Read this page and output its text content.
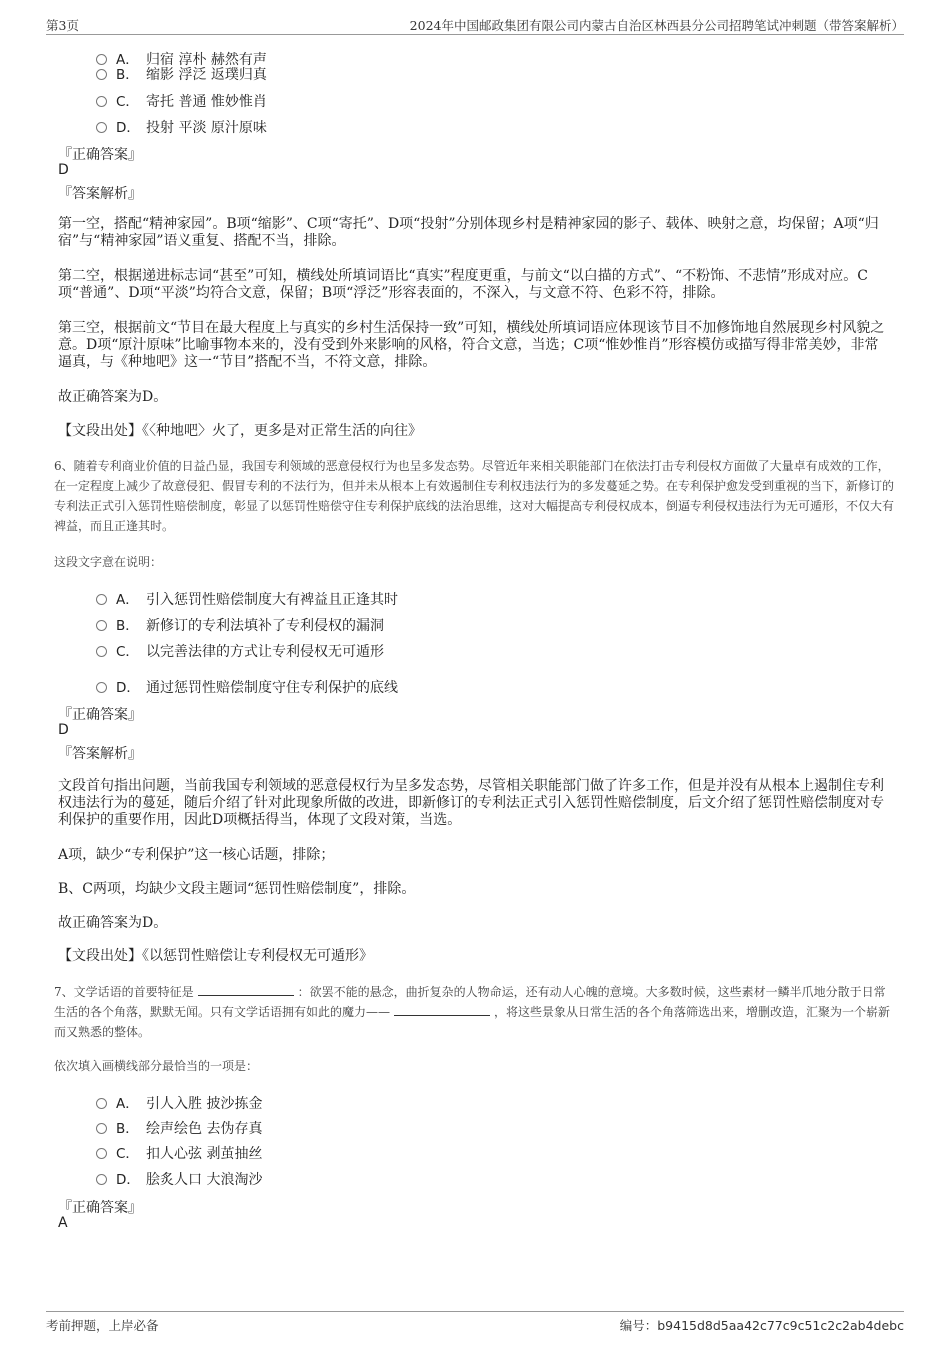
第3页	2024年中国邮政集团有限公司内蒙古自治区林西县分公司招聘笔试冲刺题（带答案解析）
A． 归宿 淳朴 赫然有声
B． 缩影 浮泛 返璞归真
C． 寄托 普通 惟妙惟肖
D． 投射 平淡 原汁原味
『正确答案』
D
『答案解析』
第一空，搭配“精神家园”。B项“缩影”、C项“寄托”、D项“投射”分别体现乡村是精神家园的影子、载体、映射之意，均保留；A项“归宿”与“精神家园”语义重复、搭配不当，排除。
第二空，根据递进标志词“甚至”可知，横线处所填词语比“真实”程度更重，与前文“以白描的方式”、“不粉饰、不悲情”形成对应。C项“普通”、D项“平淡”均符合文意，保留；B项“浮泛”形容表面的，不深入，与文意不符、色彩不符，排除。
第三空，根据前文“节目在最大程度上与真实的乡村生活保持一致”可知，横线处所填词语应体现该节目不加修饰地自然展现乡村风貌之意。D项“原汁原味”比喻事物本来的，没有受到外来影响的风格，符合文意，当选；C项“惟妙惟肖”形容模仿或描写得非常美妙，非常逼真，与《种地吧》这一“节目”搭配不当，不符文意，排除。
故正确答案为D。
【文段出处】《〈种地吧〉火了，更多是对正常生活的向往》
6、随着专利商业价值的日益凸显，我国专利领域的恶意侵权行为也呈多发态势。尽管近年来相关职能部门在依法打击专利侵权方面做了大量卓有成效的工作，在一定程度上减少了故意侵犯、假冒专利的不法行为，但并未从根本上有效遏制住专利权违法行为的多发蔓延之势。在专利保护愈发受到重视的当下，新修订的专利法正式引入惩罚性赔偿制度，彰显了以惩罚性赔偿守住专利保护底线的法治思维，这对大幅提高专利侵权成本，倒逼专利侵权违法行为无可遁形，不仅大有裨益，而且正逢其时。
这段文字意在说明：
A． 引入惩罚性赔偿制度大有裨益且正逢其时
B． 新修订的专利法填补了专利侵权的漏洞
C． 以完善法律的方式让专利侵权无可遁形
D． 通过惩罚性赔偿制度守住专利保护的底线
『正确答案』
D
『答案解析』
文段首句指出问题，当前我国专利领域的恶意侵权行为呈多发态势，尽管相关职能部门做了许多工作，但是并没有从根本上遏制住专利权违法行为的蔓延，随后介绍了针对此现象所做的改进，即新修订的专利法正式引入惩罚性赔偿制度，后文介绍了惩罚性赔偿制度对专利保护的重要作用，因此D项概括得当，体现了文段对策，当选。
A项，缺少“专利保护”这一核心话题，排除；
B、C两项，均缺少文段主题词“惩罚性赔偿制度”，排除。
故正确答案为D。
【文段出处】《以惩罚性赔偿让专利侵权无可遁形》
7、文学话语的首要特征是	：欲罢不能的悬念，曲折复杂的人物命运，还有动人心魄的意境。大多数时候，这些素材一鳞半爪地分散于日常生活的各个角落，默默无闻。只有文学话语拥有如此的魔力——	，将这些景象从日常生活的各个角落筛选出来，增删改造，汇聚为一个崭新而又熟悉的整体。
依次填入画横线部分最恰当的一项是：
A． 引人入胜 披沙拣金
B． 绘声绘色 去伪存真
C． 扣人心弦 剥茧抽丝
D． 脍炙人口 大浪淘沙
『正确答案』
A
考前押题，上岸必备	编号：b9415d8d5aa42c77c9c51c2c2ab4debc
